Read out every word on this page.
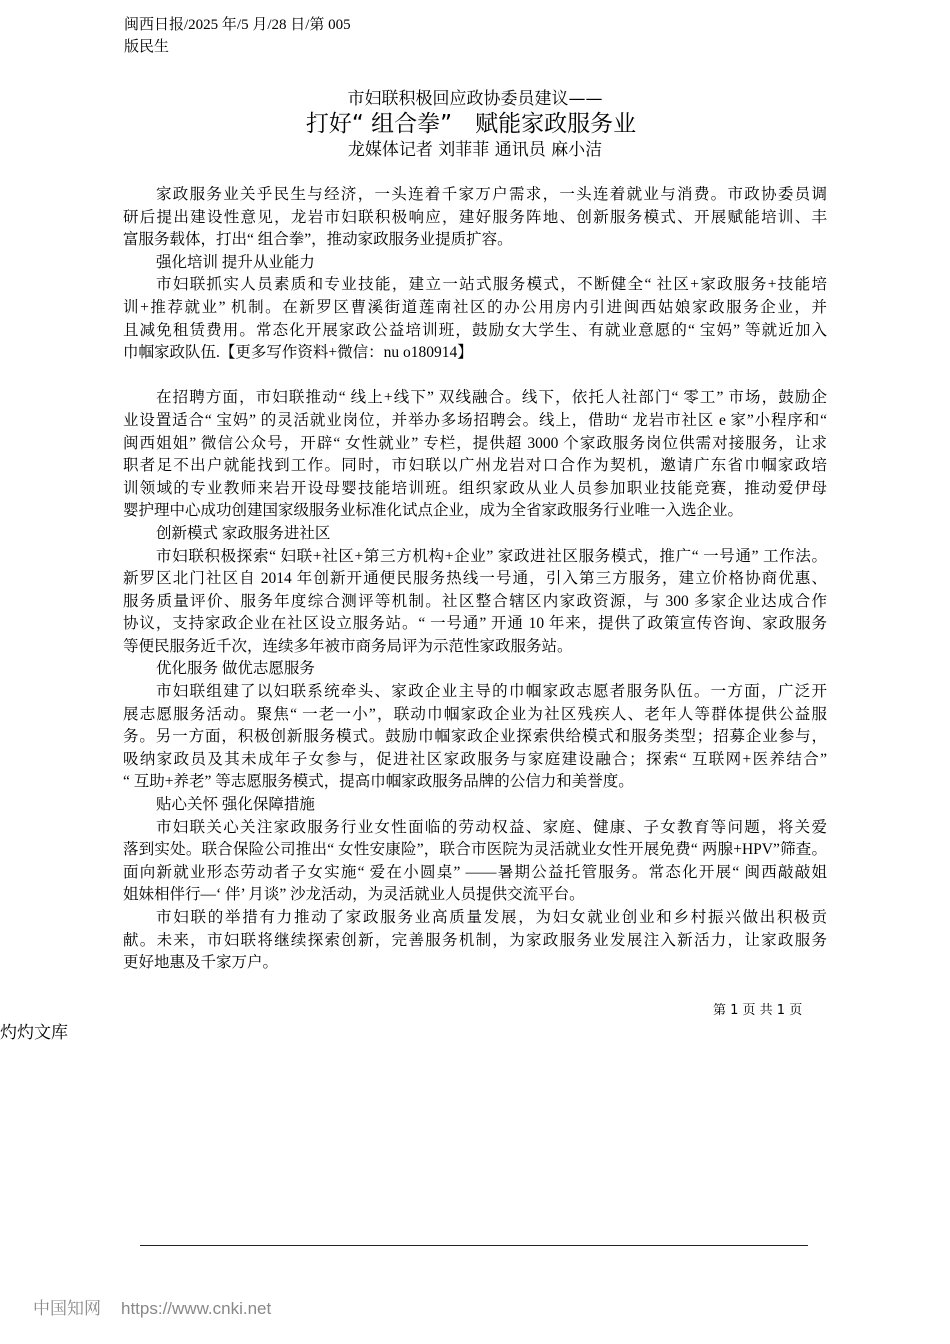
闽西日报/2025 年/5 月/28 日/第 005
版民生
市妇联积极回应政协委员建议——
打好“ 组合拳”　赋能家政服务业
龙媒体记者 刘菲菲 通讯员 麻小洁
家政服务业关乎民生与经济，一头连着千家万户需求，一头连着就业与消费。市政协委员调
研后提出建设性意见，龙岩市妇联积极响应，建好服务阵地、创新服务模式、开展赋能培训、丰
富服务载体，打出“ 组合拳”，推动家政服务业提质扩容。
强化培训 提升从业能力
市妇联抓实人员素质和专业技能，建立一站式服务模式，不断健全“ 社区+家政服务+技能培
训+推荐就业” 机制。在新罗区曹溪街道莲南社区的办公用房内引进闽西姑娘家政服务企业，并
且减免租赁费用。常态化开展家政公益培训班，鼓励女大学生、有就业意愿的“ 宝妈” 等就近加入
巾帼家政队伍.【更多写作资料+微信：nu o180914】
在招聘方面，市妇联推动“ 线上+线下” 双线融合。线下，依托人社部门“ 零工” 市场，鼓励企
业设置适合“ 宝妈” 的灵活就业岗位，并举办多场招聘会。线上，借助“ 龙岩市社区 e 家”小程序和“
闽西姐姐” 微信公众号，开辟“ 女性就业” 专栏，提供超 3000 个家政服务岗位供需对接服务，让求
职者足不出户就能找到工作。同时，市妇联以广州龙岩对口合作为契机，邀请广东省巾帼家政培
训领域的专业教师来岩开设母婴技能培训班。组织家政从业人员参加职业技能竞赛，推动爱伊母
婴护理中心成功创建国家级服务业标准化试点企业，成为全省家政服务行业唯一入选企业。
创新模式 家政服务进社区
市妇联积极探索“ 妇联+社区+第三方机构+企业” 家政进社区服务模式，推广“ 一号通” 工作法。
新罗区北门社区自 2014 年创新开通便民服务热线一号通，引入第三方服务，建立价格协商优惠、
服务质量评价、服务年度综合测评等机制。社区整合辖区内家政资源，与 300 多家企业达成合作
协议，支持家政企业在社区设立服务站。“ 一号通” 开通 10 年来，提供了政策宣传咨询、家政服务
等便民服务近千次，连续多年被市商务局评为示范性家政服务站。
优化服务 做优志愿服务
市妇联组建了以妇联系统牵头、家政企业主导的巾帼家政志愿者服务队伍。一方面，广泛开
展志愿服务活动。聚焦“ 一老一小”，联动巾帼家政企业为社区残疾人、老年人等群体提供公益服
务。另一方面，积极创新服务模式。鼓励巾帼家政企业探索供给模式和服务类型；招募企业参与，
吸纳家政员及其未成年子女参与，促进社区家政服务与家庭建设融合；探索“ 互联网+医养结合”
“ 互助+养老” 等志愿服务模式，提高巾帼家政服务品牌的公信力和美誉度。
贴心关怀 强化保障措施
市妇联关心关注家政服务行业女性面临的劳动权益、家庭、健康、子女教育等问题，将关爱
落到实处。联合保险公司推出“ 女性安康险”，联合市医院为灵活就业女性开展免费“ 两腺+HPV”筛查。
面向新就业形态劳动者子女实施“ 爱在小圆桌” ——暑期公益托管服务。常态化开展“ 闽西敲敲姐
姐妹相伴行—‘ 伴’ 月谈” 沙龙活动，为灵活就业人员提供交流平台。
市妇联的举措有力推动了家政服务业高质量发展，为妇女就业创业和乡村振兴做出积极贡
献。未来，市妇联将继续探索创新，完善服务机制，为家政服务业发展注入新活力，让家政服务
更好地惠及千家万户。
第 1 页 共 1 页
灼灼文库
中国知网 https://www.cnki.net
